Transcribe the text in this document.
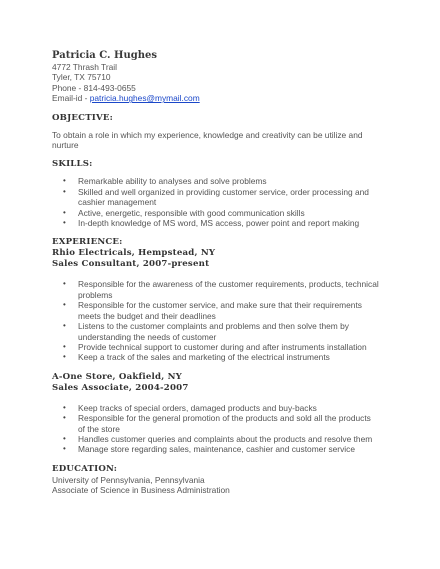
Patricia C. Hughes
4772 Thrash Trail
Tyler, TX 75710
Phone - 814-493-0655
Email-id - patricia.hughes@mymail.com
OBJECTIVE:
To obtain a role in which my experience, knowledge and creativity can be utilize and
nurture
SKILLS:
• Remarkable ability to analyses and solve problems
• Skilled and well organized in providing customer service, order processing and
cashier management
• Active, energetic, responsible with good communication skills
• In-depth knowledge of MS word, MS access, power point and report making
EXPERIENCE:
Rhio Electricals, Hempstead, NY
Sales Consultant, 2007-present
• Responsible for the awareness of the customer requirements, products, technical
problems
• Responsible for the customer service, and make sure that their requirements
meets the budget and their deadlines
• Listens to the customer complaints and problems and then solve them by
understanding the needs of customer
• Provide technical support to customer during and after instruments installation
• Keep a track of the sales and marketing of the electrical instruments
A-One Store, Oakfield, NY
Sales Associate, 2004-2007
• Keep tracks of special orders, damaged products and buy-backs
• Responsible for the general promotion of the products and sold all the products
of the store
• Handles customer queries and complaints about the products and resolve them
• Manage store regarding sales, maintenance, cashier and customer service
EDUCATION:
University of Pennsylvania, Pennsylvania
Associate of Science in Business Administration
